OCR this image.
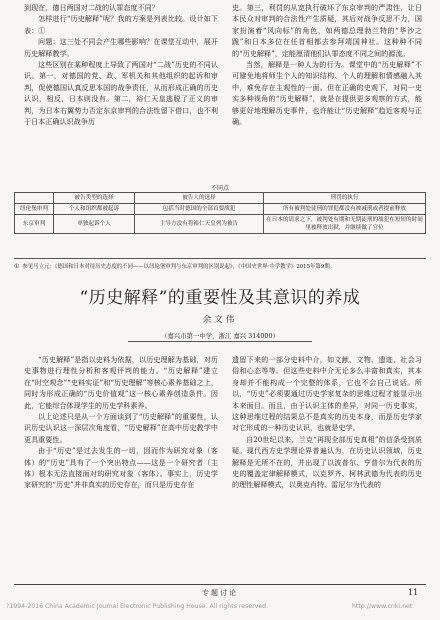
到现在，德日两国对二战的认罪态度不同？

怎样进行“历史解释”呢？我的方案是列表比较。设计如下表：①

问题：这三处不同会产生哪些影响？在课堂互动中，展开历史解释教学。

这些区别在某种程度上导致了两国对“二战”历史的不同认识。第一，对德国的党、政、军机关和其他组织的起诉和审判，促使德国认真反思本国的战争责任，从而形成正确的历史认识，相反，日本则没有。第二，裕仁天皇逃脱了正义的审判，为日本右翼势力否定东京审判的合法性留下借口，也不利于日本正确认识战争历

史。第三，利罚的从宽执行破坏了东京审判的严肃性，让日本民众对审判的合法性产生质疑，其后对战争反思不力，国家扮演着“风向标”的角色，如两德总理勃兰特的“华沙之跪”和日本多位在任首相都去参拜靖国神社。这种种不同的“历史解释”，定能厘清他们认罪态度不同之间的源流。

当然，解释是一种人为的行为。课堂中的“历史解释”不可避免地将师生个人的知识结构、个人的理解和情感融入其中，难免存在主观性的一面。但在正确的史观下，对同一史实多种视角的“历史解释”，就是在提供更多观察的方式，能够更好地理解历史事件，也许能让“历史解释”趋近客观与正确。

不同点
	被告类型的选择	被告人的选择	刑罚的执行
纽伦堡审判	个人和组织都被起诉	包括当时德国的全部首要战犯	所有被判处徒刑的罪犯都没有被减刑或者提前释放
东京审判	单独起诉个人	主导方没有将裕仁天皇列为被告	在日本的请求之下，被判处有期和无期徒刑的战犯在短短的时间里被释放出狱，并继续做了官位
① 参见马立元：《德国和日本对待历史态度的不同——以纽伦堡审判与东京审判的区别说起》，《中国史世界·中学教学》2015年第9期。
“历史解释”的重要性及其意识的养成
余文伟
（嘉兴市第一中学，浙江 嘉兴 314000）

“历史解释”是指以史料为依据，以历史理解为基础，对历史事物进行理性分析和客观评判的能力。“历史解释”建立在“时空观念”“史料实证”和“历史理解”等核心素养基础之上，同时为形成正确的“历史价值观”这一核心素养创造条件。因此，它能综合体现学生的历史学科素养。

以上论述只是从一个方面谈到了“历史解释”的重要性，认识历史认识这一深层次角度看，“历史解释”在高中历史教学中更具重要性。

由于“历史”是过去发生的一切，因而作为研究对象（客体）的“历史”具有了一个突出特点——这是一个研究者（主体）根本无法直接面对的研究对象（客体）。事实上，历史学家研究的“历史”并非真实的历史存在，而只是历史存在

遗留下来的一部分史料中介，如文献、文物、遗迹、社会习俗和心态等等。但这些史料中介无论多么丰富和真实，其本身却并不能构成一个完整的体系，它也不会自己说话。所以，“历史”必须要通过历史学家复杂的思维过程才能显示出本来面目。而且，由于认识主体的差异，对同一历史事实，这种思维过程的结果总不是真实的历史本身，而是历史学家对它形成的一种历史认识，也就是史学。

自20世纪以来，兰克“再现全部历史真相”的信条受到质疑。现代西方史学理论界普遍认为，在历史认识领域，历史解释是无所不在的，并出现了以波普尔、亨普尔为代表的历史的覆盖定律解释模式，以克罗齐、柯林武德为代表的历史的理性解释模式，以奥克肖特、雷尼尔为代表的

专题讨论	11
?1994-2016 China Academic Journal Electronic Publishing House. All rights reserved.	http://www.cnki.net
